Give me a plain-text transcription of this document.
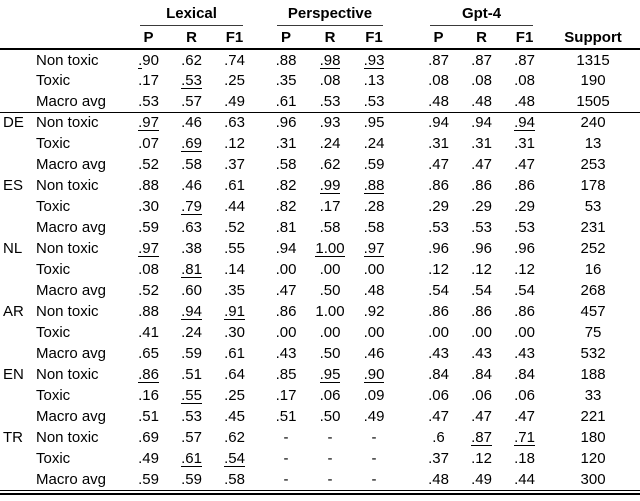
		Lexical				Perspective				Gpt-4			

		P	R	F1		P	R	F1		P	R	F1	Support
	Non toxic	.90	.62	.74		.88	.98	.93		.87	.87	.87	1315
	Toxic	.17	.53	.25		.35	.08	.13		.08	.08	.08	190
	Macro avg	.53	.57	.49		.61	.53	.53		.48	.48	.48	1505
DE	Non toxic	.97	.46	.63		.96	.93	.95		.94	.94	.94	240
	Toxic	.07	.69	.12		.31	.24	.24		.31	.31	.31	13
	Macro avg	.52	.58	.37		.58	.62	.59		.47	.47	.47	253
ES	Non toxic	.88	.46	.61		.82	.99	.88		.86	.86	.86	178
	Toxic	.30	.79	.44		.82	.17	.28		.29	.29	.29	53
	Macro avg	.59	.63	.52		.81	.58	.58		.53	.53	.53	231
NL	Non toxic	.97	.38	.55		.94	1.00	.97		.96	.96	.96	252
	Toxic	.08	.81	.14		.00	.00	.00		.12	.12	.12	16
	Macro avg	.52	.60	.35		.47	.50	.48		.54	.54	.54	268
AR	Non toxic	.88	.94	.91		.86	1.00	.92		.86	.86	.86	457
	Toxic	.41	.24	.30		.00	.00	.00		.00	.00	.00	75
	Macro avg	.65	.59	.61		.43	.50	.46		.43	.43	.43	532
EN	Non toxic	.86	.51	.64		.85	.95	.90		.84	.84	.84	188
	Toxic	.16	.55	.25		.17	.06	.09		.06	.06	.06	33
	Macro avg	.51	.53	.45		.51	.50	.49		.47	.47	.47	221
TR	Non toxic	.69	.57	.62		-	-	-		.6	.87	.71	180
	Toxic	.49	.61	.54		-	-	-		.37	.12	.18	120
	Macro avg	.59	.59	.58		-	-	-		.48	.49	.44	300
